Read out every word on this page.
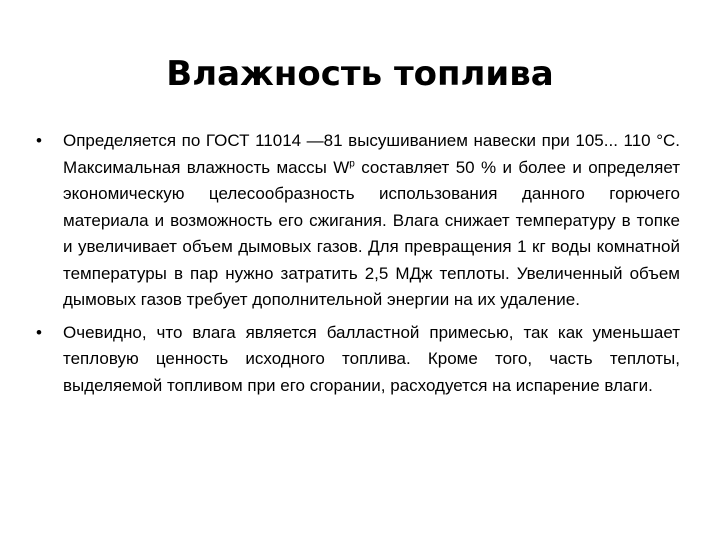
Влажность топлива

• Определяется по ГОСТ 11014 —81 высушиванием навески при 105... 110 °С. Максимальная влажность массы $W^р$ составляет 50 % и более и определяет экономическую целесообразность использования данного горючего материала и возможность его сжигания. Влага снижает температуру в топке и увеличивает объем дымовых газов. Для превращения 1 кг воды комнатной температуры в пар нужно затратить 2,5 МДж теплоты. Увеличенный объем дымовых газов требует дополнительной энергии на их удаление.

• Очевидно, что влага является балластной примесью, так как уменьшает тепловую ценность исходного топлива. Кроме того, часть теплоты, выделяемой топливом при его сгорании, расходуется на испарение влаги.
